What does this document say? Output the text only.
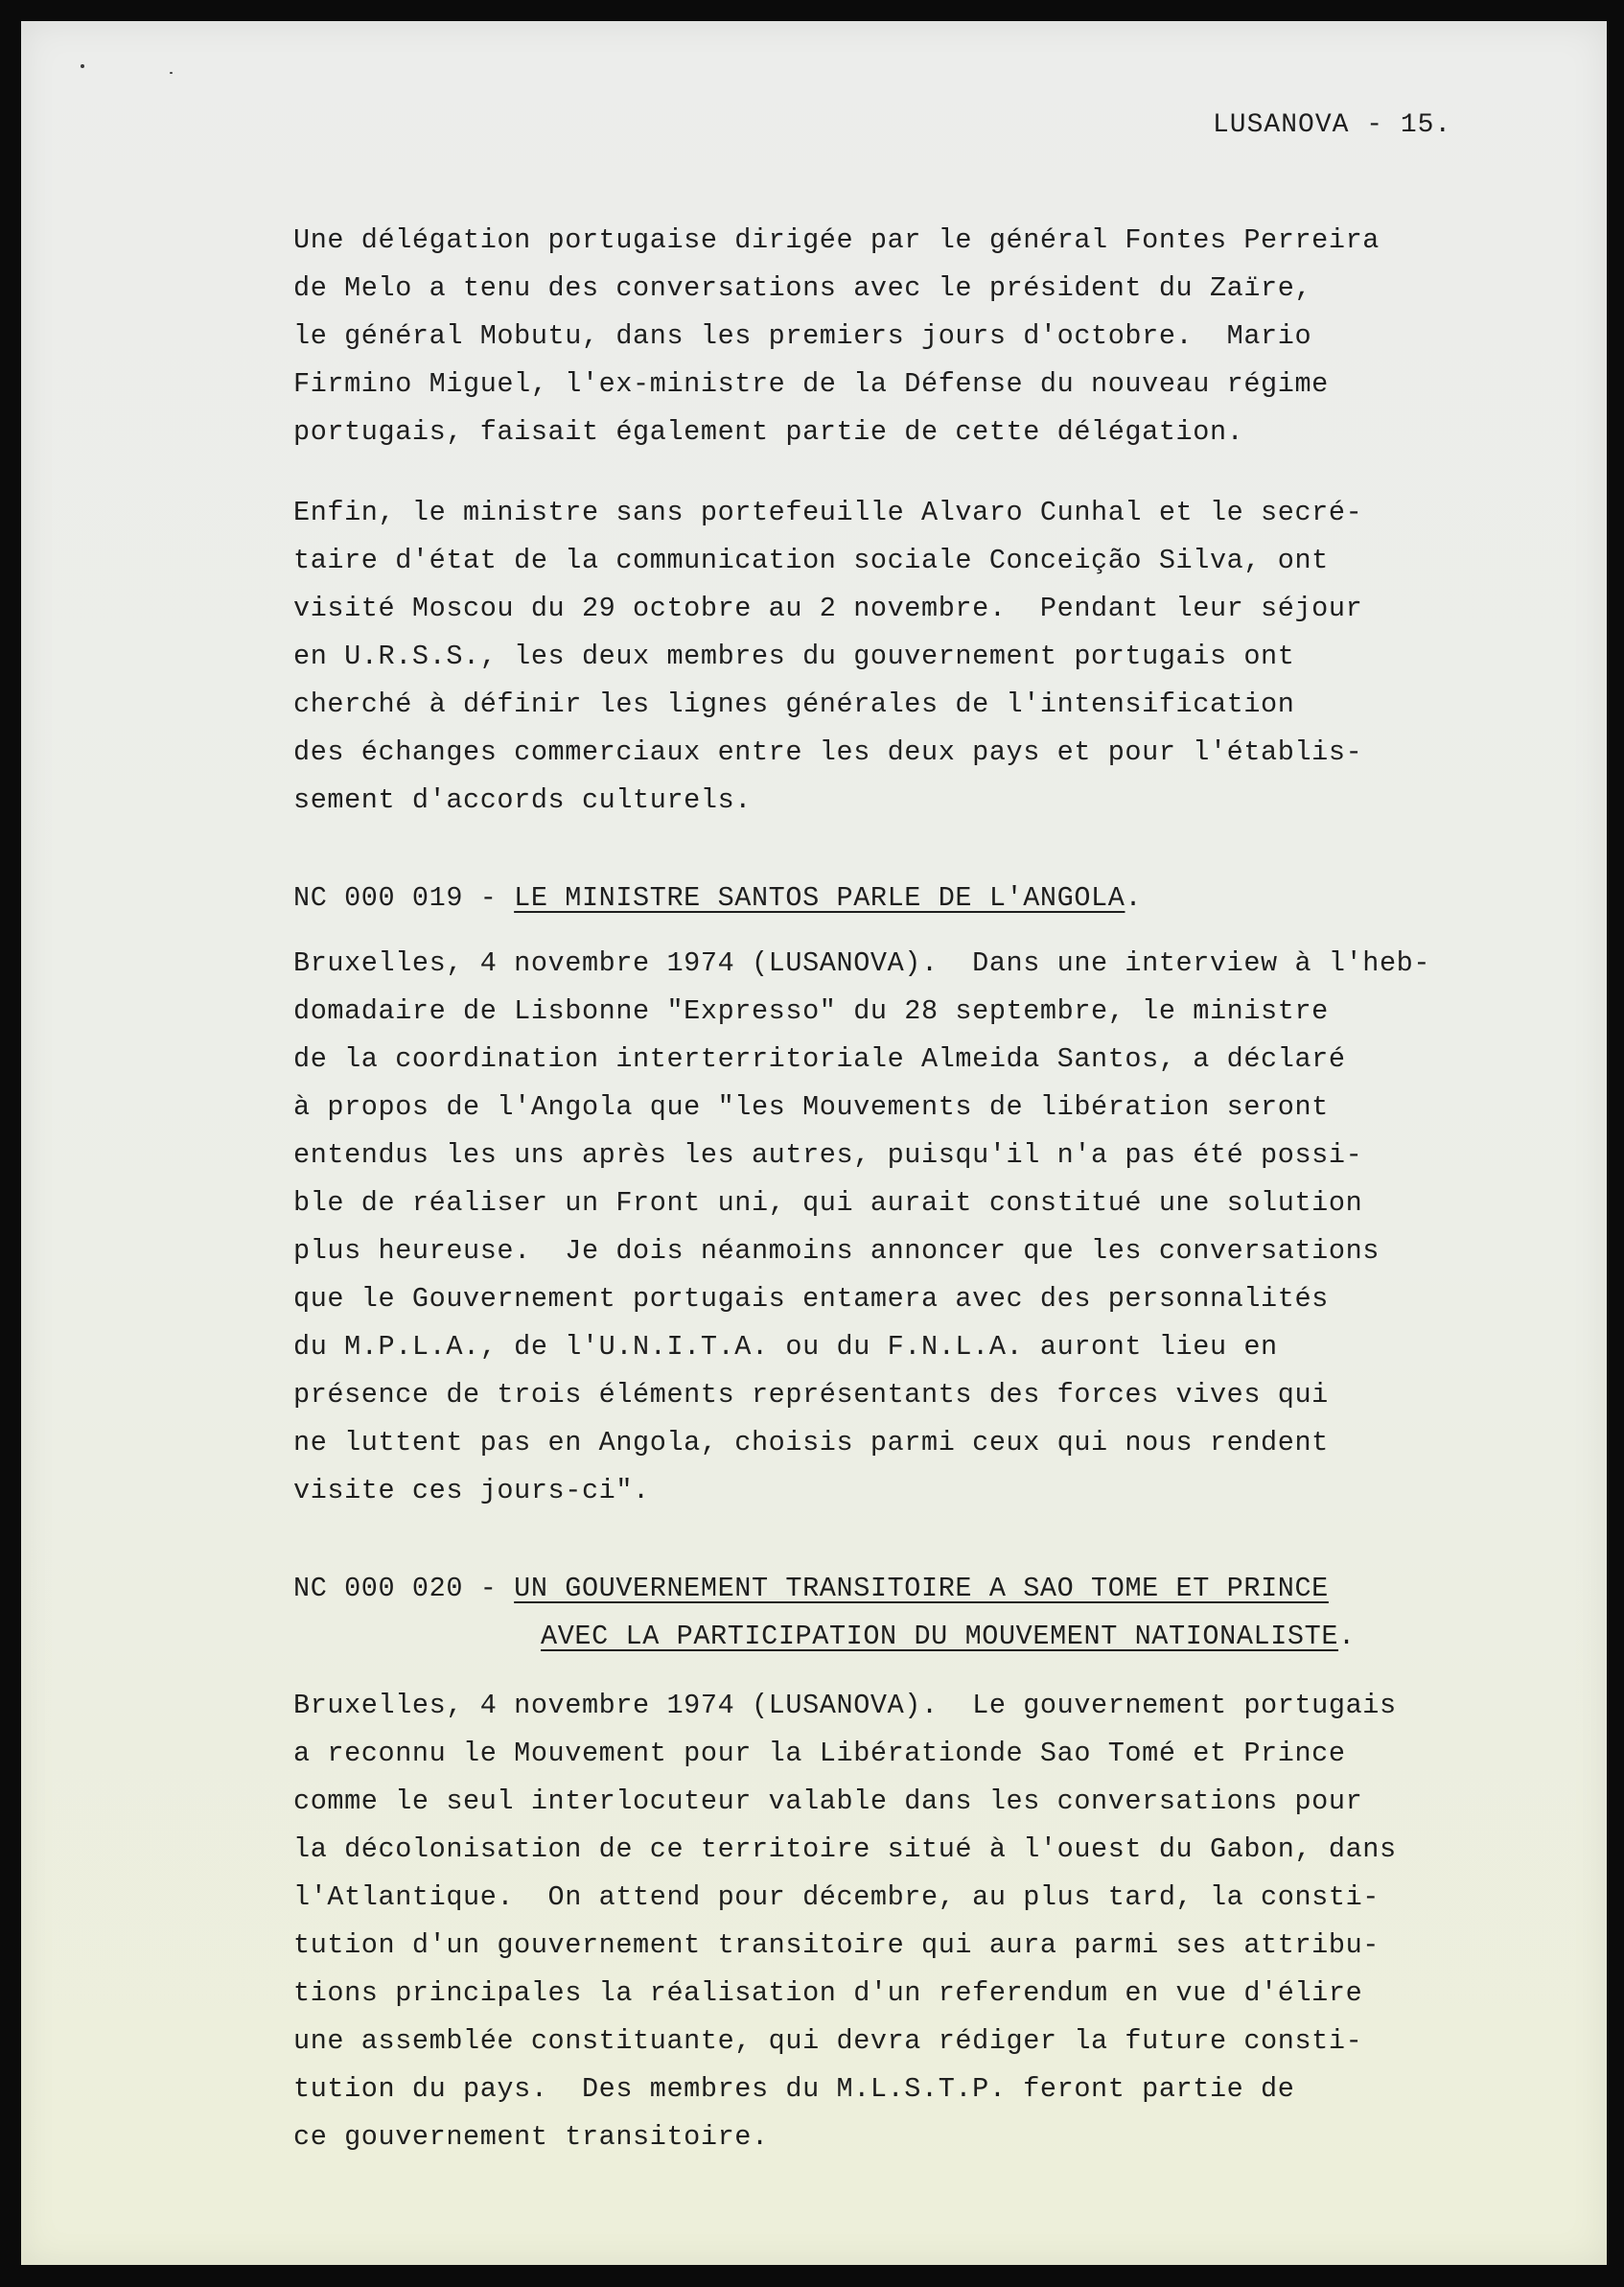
LUSANOVA - 15.
Une délégation portugaise dirigée par le général Fontes Perreira
de Melo a tenu des conversations avec le président du Zaïre,
le général Mobutu, dans les premiers jours d'octobre.  Mario
Firmino Miguel, l'ex-ministre de la Défense du nouveau régime
portugais, faisait également partie de cette délégation.
Enfin, le ministre sans portefeuille Alvaro Cunhal et le secré-
taire d'état de la communication sociale Conceição Silva, ont
visité Moscou du 29 octobre au 2 novembre.  Pendant leur séjour
en U.R.S.S., les deux membres du gouvernement portugais ont
cherché à définir les lignes générales de l'intensification
des échanges commerciaux entre les deux pays et pour l'établis-
sement d'accords culturels.
NC 000 019 - LE MINISTRE SANTOS PARLE DE L'ANGOLA.
Bruxelles, 4 novembre 1974 (LUSANOVA).  Dans une interview à l'heb-
domadaire de Lisbonne "Expresso" du 28 septembre, le ministre
de la coordination interterritoriale Almeida Santos, a déclaré
à propos de l'Angola que "les Mouvements de libération seront
entendus les uns après les autres, puisqu'il n'a pas été possi-
ble de réaliser un Front uni, qui aurait constitué une solution
plus heureuse.  Je dois néanmoins annoncer que les conversations
que le Gouvernement portugais entamera avec des personnalités
du M.P.L.A., de l'U.N.I.T.A. ou du F.N.L.A. auront lieu en
présence de trois éléments représentants des forces vives qui
ne luttent pas en Angola, choisis parmi ceux qui nous rendent
visite ces jours-ci".
NC 000 020 - UN GOUVERNEMENT TRANSITOIRE A SAO TOME ET PRINCE
AVEC LA PARTICIPATION DU MOUVEMENT NATIONALISTE.
Bruxelles, 4 novembre 1974 (LUSANOVA).  Le gouvernement portugais
a reconnu le Mouvement pour la Libérationde Sao Tomé et Prince
comme le seul interlocuteur valable dans les conversations pour
la décolonisation de ce territoire situé à l'ouest du Gabon, dans
l'Atlantique.  On attend pour décembre, au plus tard, la consti-
tution d'un gouvernement transitoire qui aura parmi ses attribu-
tions principales la réalisation d'un referendum en vue d'élire
une assemblée constituante, qui devra rédiger la future consti-
tution du pays.  Des membres du M.L.S.T.P. feront partie de
ce gouvernement transitoire.
